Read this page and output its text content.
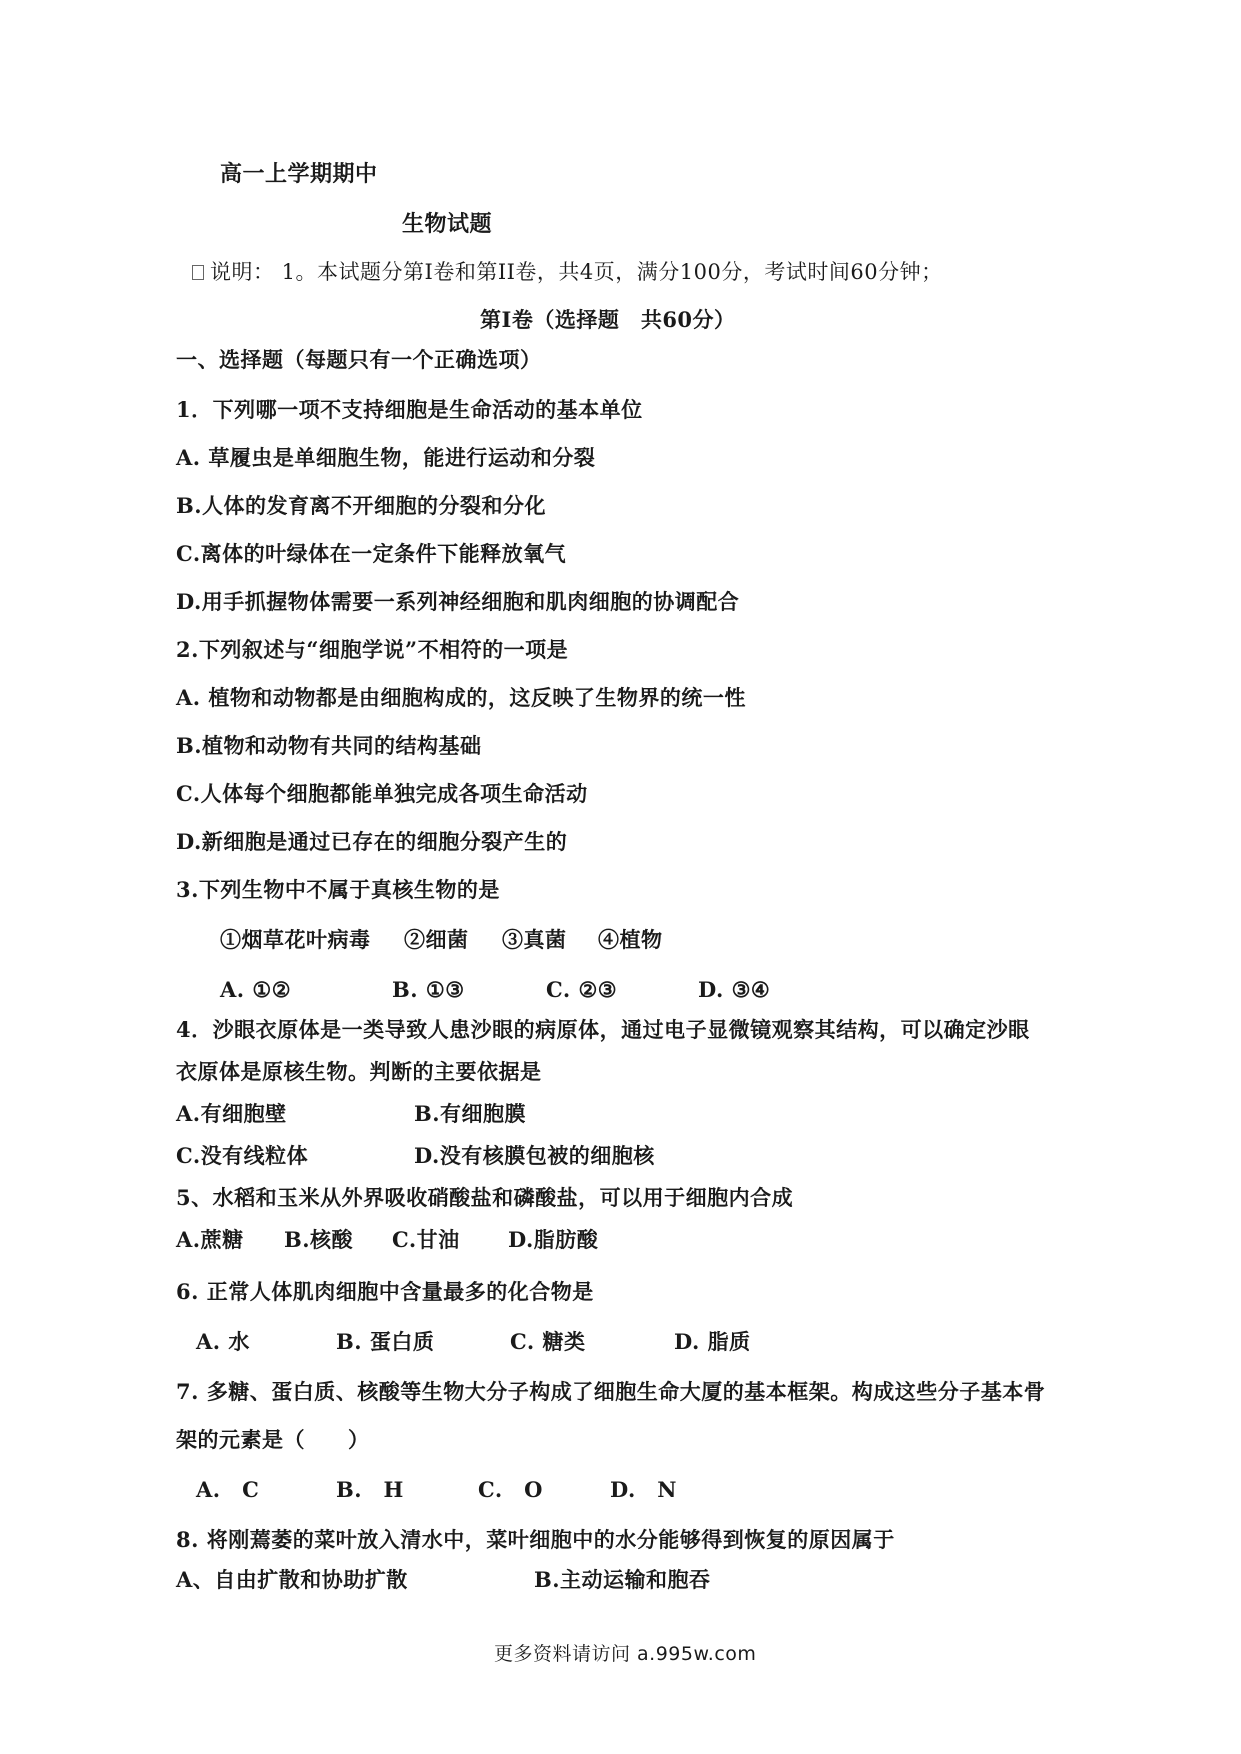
高一上学期期中
生物试题
说明： 1。本试题分第Ⅰ卷和第II卷，共4页，满分100分，考试时间60分钟；
第Ⅰ卷（选择题　共60分）
一、选择题（每题只有一个正确选项）
1．下列哪一项不支持细胞是生命活动的基本单位
A. 草履虫是单细胞生物，能进行运动和分裂
B.人体的发育离不开细胞的分裂和分化
C.离体的叶绿体在一定条件下能释放氧气
D.用手抓握物体需要一系列神经细胞和肌肉细胞的协调配合
2.下列叙述与“细胞学说”不相符的一项是
A. 植物和动物都是由细胞构成的，这反映了生物界的统一性
B.植物和动物有共同的结构基础
C.人体每个细胞都能单独完成各项生命活动
D.新细胞是通过已存在的细胞分裂产生的
3.下列生物中不属于真核生物的是
①烟草花叶病毒 ②细菌 ③真菌 ④植物
A. ①②	B. ①③	C. ②③	D. ③④
4．沙眼衣原体是一类导致人患沙眼的病原体，通过电子显微镜观察其结构，可以确定沙眼
衣原体是原核生物。判断的主要依据是
A.有细胞壁	B.有细胞膜
C.没有线粒体	D.没有核膜包被的细胞核
5、水稻和玉米从外界吸收硝酸盐和磷酸盐，可以用于细胞内合成
A.蔗糖 B.核酸 C.甘油 D.脂肪酸
6. 正常人体肌肉细胞中含量最多的化合物是
A. 水	B. 蛋白质	C. 糖类	D. 脂质
7. 多糖、蛋白质、核酸等生物大分子构成了细胞生命大厦的基本框架。构成这些分子基本骨
架的元素是（　　）
A.　C	B.　H	C.　O	D.　N
8. 将刚蔫萎的菜叶放入清水中，菜叶细胞中的水分能够得到恢复的原因属于
A、自由扩散和协助扩散	B.主动运输和胞吞
更多资料请访问 a.995w.com
